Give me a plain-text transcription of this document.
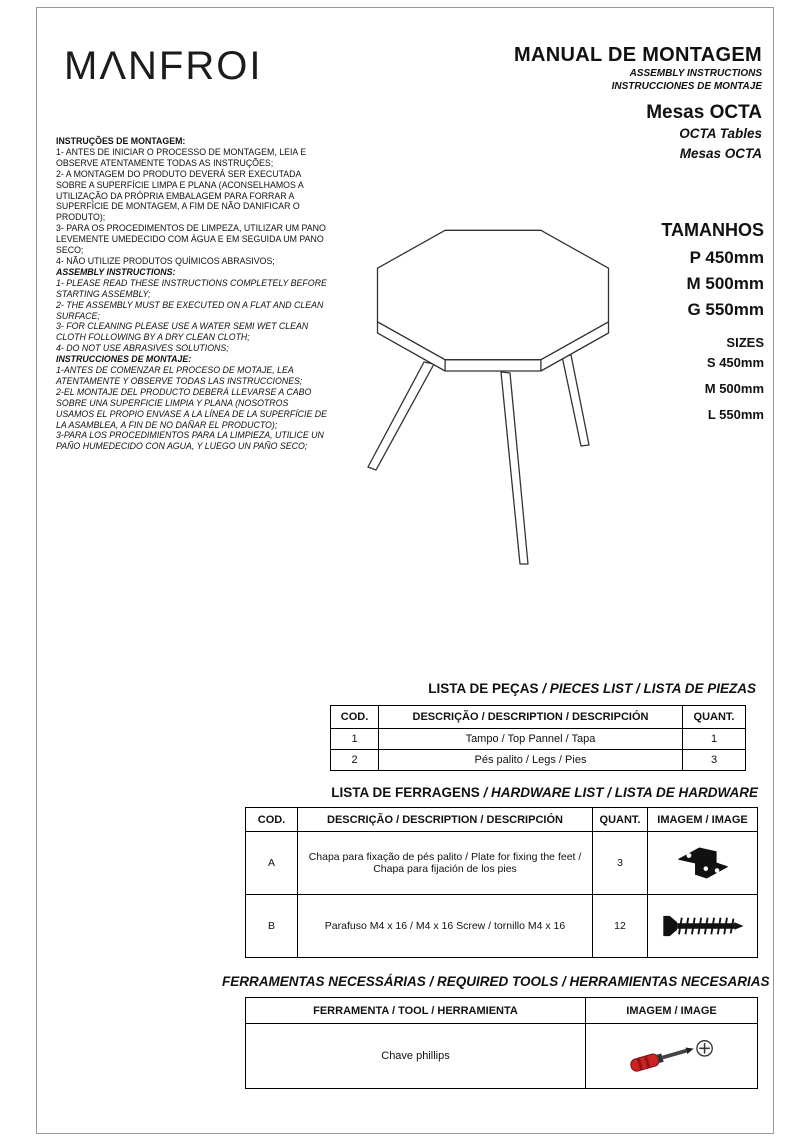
MΛNFROI	MANUAL DE MONTAGEM
ASSEMBLY INSTRUCTIONS
INSTRUCCIONES DE MONTAJE
Mesas OCTA
OCTA Tables
Mesas OCTA
INSTRUÇÕES DE MONTAGEM:
1- ANTES DE INICIAR O PROCESSO DE MONTAGEM, LEIA E OBSERVE ATENTAMENTE TODAS AS INSTRUÇÕES;
2- A MONTAGEM DO PRODUTO DEVERÁ SER EXECUTADA SOBRE A SUPERFÍCIE LIMPA E PLANA (ACONSELHAMOS A UTILIZAÇÃO DA PRÓPRIA EMBALAGEM PARA FORRAR A SUPERFÍCIE DE MONTAGEM, A FIM DE NÃO DANIFICAR O PRODUTO);
3- PARA OS PROCEDIMENTOS DE LIMPEZA, UTILIZAR UM PANO LEVEMENTE UMEDECIDO COM ÁGUA E EM SEGUIDA UM PANO SECO;
4- NÃO UTILIZE PRODUTOS QUÍMICOS ABRASIVOS;
ASSEMBLY INSTRUCTIONS:
1- PLEASE READ THESE INSTRUCTIONS COMPLETELY BEFORE STARTING ASSEMBLY;
2- THE ASSEMBLY MUST BE EXECUTED ON A FLAT AND CLEAN SURFACE;
3- FOR CLEANING PLEASE USE A WATER SEMI WET CLEAN CLOTH FOLLOWING BY A DRY CLEAN CLOTH;
4- DO NOT USE ABRASIVES SOLUTIONS;
INSTRUCCIONES DE MONTAJE:
1-ANTES DE COMENZAR EL PROCESO DE MOTAJE, LEA ATENTAMENTE Y OBSERVE TODAS LAS INSTRUCCIONES;
2-EL MONTAJE DEL PRODUCTO DEBERÁ LLEVARSE A CABO SOBRE UNA SUPERFICIE LIMPIA Y PLANA (NOSOTROS USAMOS EL PROPIO ENVASE A LA LÍNEA DE LA SUPERFÍCIE DE LA ASAMBLEA, A FIN DE NO DAÑAR EL PRODUCTO);
3-PARA LOS PROCEDIMIENTOS PARA LA LIMPIEZA, UTILICE UN PAÑO HUMEDECIDO CON AGUA, Y LUEGO UN PAÑO SECO;
TAMANHOS
P 450mm
M 500mm
G 550mm
SIZES
S 450mm
M 500mm
L 550mm
LISTA DE PEÇAS / PIECES LIST / LISTA DE PIEZAS
COD.	DESCRIÇÃO / DESCRIPTION / DESCRIPCIÓN	QUANT.
1	Tampo / Top Pannel / Tapa	1
2	Pés palito / Legs / Pies	3
LISTA DE FERRAGENS / HARDWARE LIST / LISTA DE HARDWARE
COD.	DESCRIÇÃO / DESCRIPTION / DESCRIPCIÓN	QUANT.	IMAGEM / IMAGE
A	Chapa para fixação de pés palito / Plate for fixing the feet / Chapa para fijación de los pies	3	
B	Parafuso M4 x 16 / M4 x 16 Screw / tornillo M4 x 16	12	
FERRAMENTAS NECESSÁRIAS / REQUIRED TOOLS / HERRAMIENTAS NECESARIAS
FERRAMENTA / TOOL / HERRAMIENTA	IMAGEM / IMAGE
Chave phillips	
